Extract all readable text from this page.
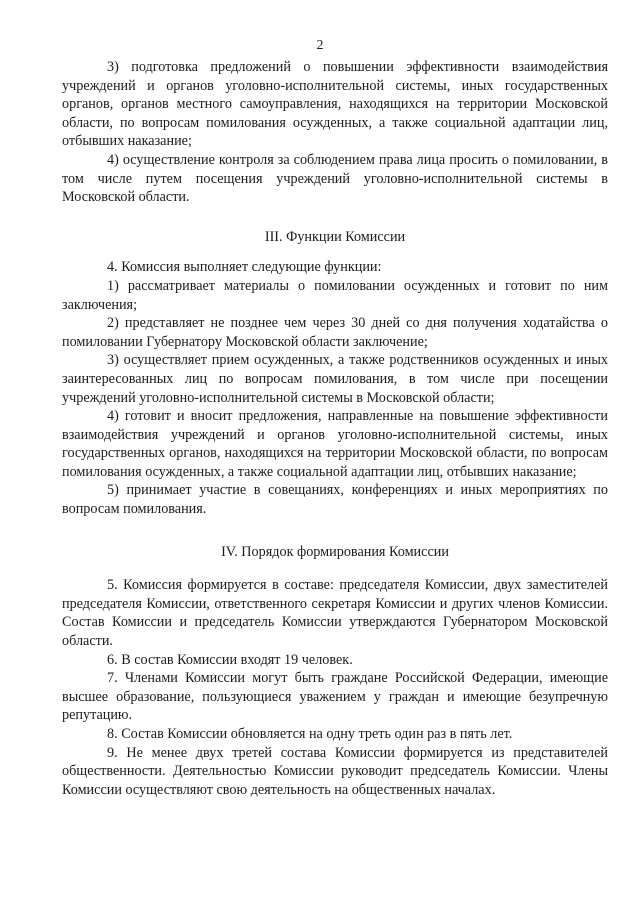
2

3) подготовка предложений о повышении эффективности взаимодействия учреждений и органов уголовно-исполнительной системы, иных государственных органов, органов местного самоуправления, находящихся на территории Московской области, по вопросам помилования осужденных, а также социальной адаптации лиц, отбывших наказание;

4) осуществление контроля за соблюдением права лица просить о помиловании, в том числе путем посещения учреждений уголовно-исполнительной системы в Московской области.

III. Функции Комиссии

4. Комиссия выполняет следующие функции:

1) рассматривает материалы о помиловании осужденных и готовит по ним заключения;

2) представляет не позднее чем через 30 дней со дня получения ходатайства о помиловании Губернатору Московской области заключение;

3) осуществляет прием осужденных, а также родственников осужденных и иных заинтересованных лиц по вопросам помилования, в том числе при посещении учреждений уголовно-исполнительной системы в Московской области;

4) готовит и вносит предложения, направленные на повышение эффективности взаимодействия учреждений и органов уголовно-исполнительной системы, иных государственных органов, находящихся на территории Московской области, по вопросам помилования осужденных, а также социальной адаптации лиц, отбывших наказание;

5) принимает участие в совещаниях, конференциях и иных мероприятиях по вопросам помилования.

IV. Порядок формирования Комиссии

5. Комиссия формируется в составе: председателя Комиссии, двух заместителей председателя Комиссии, ответственного секретаря Комиссии и других членов Комиссии. Состав Комиссии и председатель Комиссии утверждаются Губернатором Московской области.

6. В состав Комиссии входят 19 человек.

7. Членами Комиссии могут быть граждане Российской Федерации, имеющие высшее образование, пользующиеся уважением у граждан и имеющие безупречную репутацию.

8. Состав Комиссии обновляется на одну треть один раз в пять лет.

9. Не менее двух третей состава Комиссии формируется из представителей общественности. Деятельностью Комиссии руководит председатель Комиссии. Члены Комиссии осуществляют свою деятельность на общественных началах.
